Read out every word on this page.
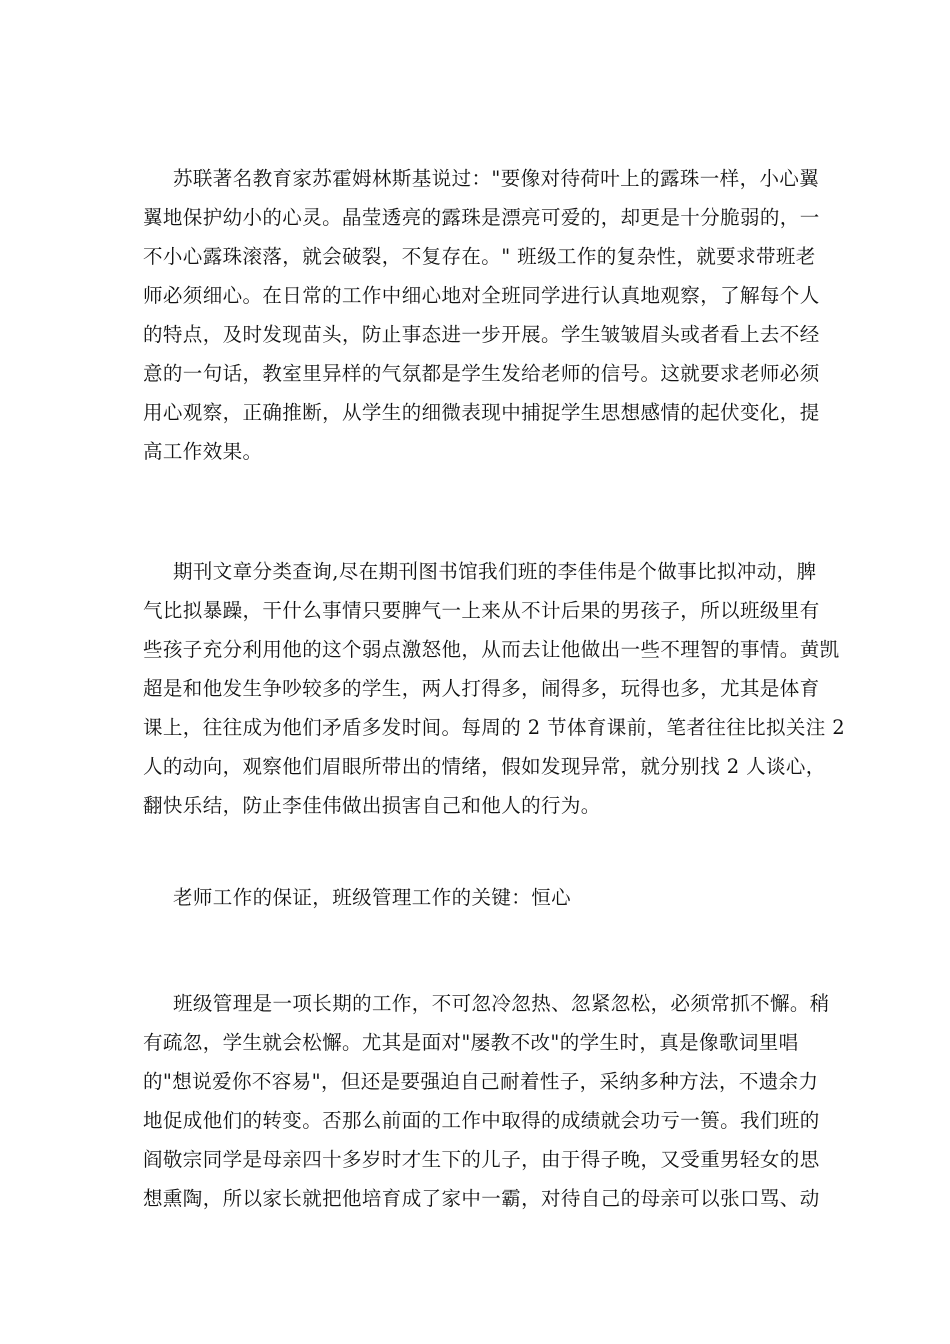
苏联著名教育家苏霍姆林斯基说过："要像对待荷叶上的露珠一样，小心翼
翼地保护幼小的心灵。晶莹透亮的露珠是漂亮可爱的，却更是十分脆弱的，一
不小心露珠滚落，就会破裂，不复存在。" 班级工作的复杂性，就要求带班老
师必须细心。在日常的工作中细心地对全班同学进行认真地观察，了解每个人
的特点，及时发现苗头，防止事态进一步开展。学生皱皱眉头或者看上去不经
意的一句话，教室里异样的气氛都是学生发给老师的信号。这就要求老师必须
用心观察，正确推断，从学生的细微表现中捕捉学生思想感情的起伏变化，提
高工作效果。
期刊文章分类查询,尽在期刊图书馆我们班的李佳伟是个做事比拟冲动，脾
气比拟暴躁，干什么事情只要脾气一上来从不计后果的男孩子，所以班级里有
些孩子充分利用他的这个弱点激怒他，从而去让他做出一些不理智的事情。黄凯
超是和他发生争吵较多的学生，两人打得多，闹得多，玩得也多，尤其是体育
课上，往往成为他们矛盾多发时间。每周的 2 节体育课前，笔者往往比拟关注 2
人的动向，观察他们眉眼所带出的情绪，假如发现异常，就分别找 2 人谈心，
翻快乐结，防止李佳伟做出损害自己和他人的行为。
老师工作的保证，班级管理工作的关键：恒心
班级管理是一项长期的工作，不可忽冷忽热、忽紧忽松，必须常抓不懈。稍
有疏忽，学生就会松懈。尤其是面对"屡教不改"的学生时，真是像歌词里唱
的"想说爱你不容易"，但还是要强迫自己耐着性子，采纳多种方法，不遗余力
地促成他们的转变。否那么前面的工作中取得的成绩就会功亏一篑。我们班的
阎敬宗同学是母亲四十多岁时才生下的儿子，由于得子晚，又受重男轻女的思
想熏陶，所以家长就把他培育成了家中一霸，对待自己的母亲可以张口骂、动
